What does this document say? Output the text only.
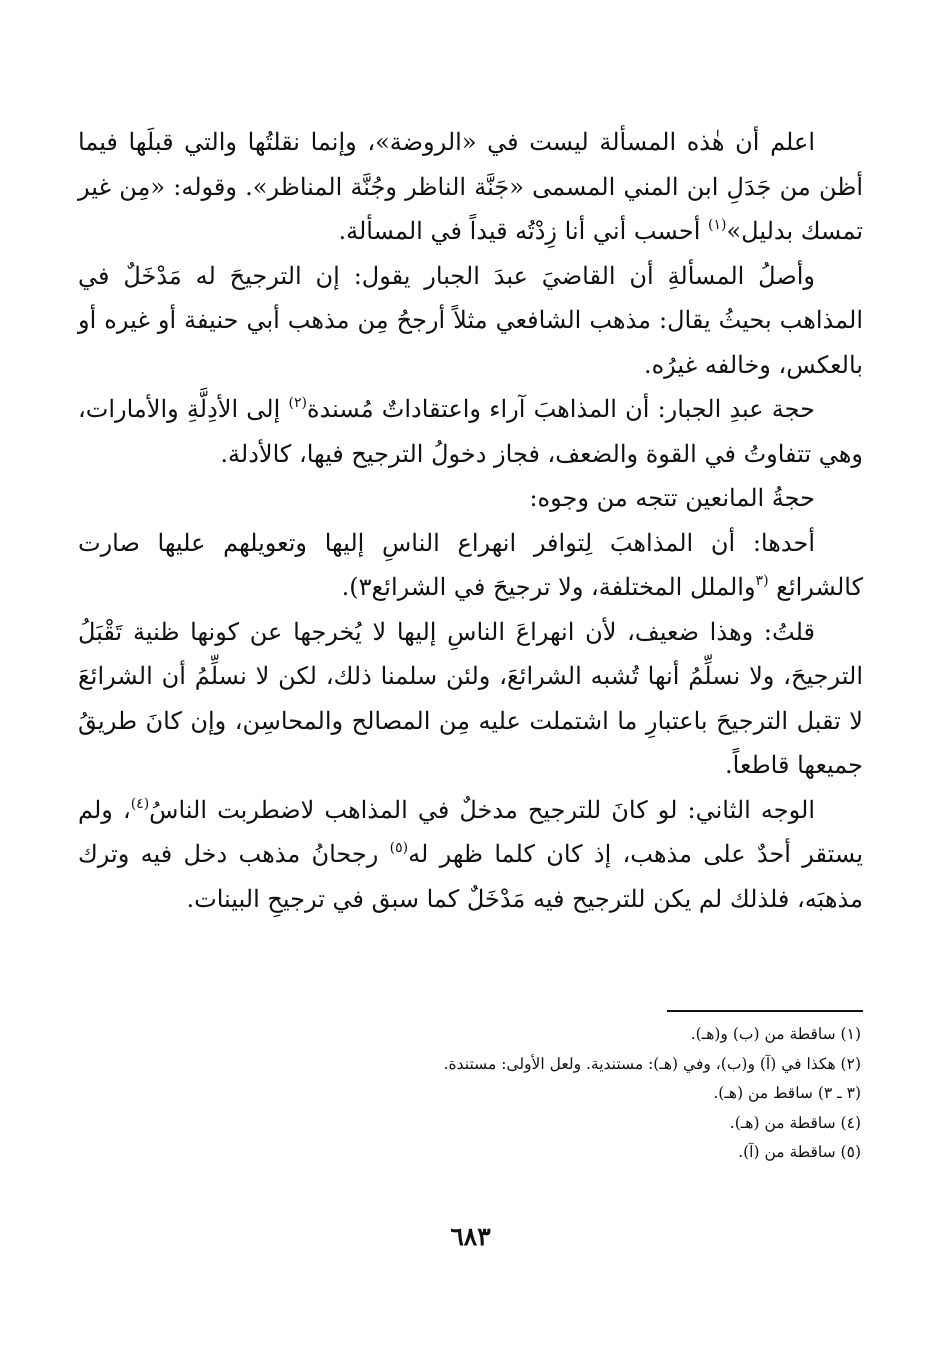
اعلم أن هٰذه المسألة ليست في «الروضة»، وإنما نقلتُها والتي قبلَها فيما أظن من جَدَلِ ابن المني المسمى «جَنَّة الناظر وجُنَّة المناظر». وقوله: «مِن غير تمسك بدليل»$^{(١)}$ أحسب أني أنا زِدْتُه قيداً في المسألة.

وأصلُ المسألةِ أن القاضيَ عبدَ الجبار يقول: إن الترجيحَ له مَدْخَلٌ في المذاهب بحيثُ يقال: مذهب الشافعي مثلاً أرجحُ مِن مذهب أبي حنيفة أو غيره أو بالعكس، وخالفه غيرُه.

حجة عبدِ الجبار: أن المذاهبَ آراء واعتقاداتٌ مُسندة$^{(٢)}$ إلى الأدِلَّةِ والأمارات، وهي تتفاوتُ في القوة والضعف، فجاز دخولُ الترجيح فيها، كالأدلة.

حجةُ المانعين تتجه من وجوه:

أحدها: أن المذاهبَ لِتوافر انهراع الناسِ إليها وتعويلهم عليها صارت كالشرائع $^{(٣}$والملل المختلفة، ولا ترجيحَ في الشرائع٣).

قلتُ: وهذا ضعيف، لأن انهراعَ الناسِ إليها لا يُخرجها عن كونها ظنية تَقْبَلُ الترجيحَ، ولا نسلِّمُ أنها تُشبه الشرائعَ، ولئن سلمنا ذلك، لكن لا نسلِّمُ أن الشرائعَ لا تقبل الترجيحَ باعتبارِ ما اشتملت عليه مِن المصالح والمحاسِن، وإن كانَ طريقُ جميعها قاطعاً.

الوجه الثاني: لو كانَ للترجيح مدخلٌ في المذاهب لاضطربت الناسُ$^{(٤)}$، ولم يستقر أحدٌ على مذهب، إذ كان كلما ظهر له$^{(٥)}$ رجحانُ مذهب دخل فيه وترك مذهبَه، فلذلك لم يكن للترجيح فيه مَدْخَلٌ كما سبق في ترجيحِ البينات.

(١) ساقطة من (ب) و(هـ).

(٢) هكذا في (آ) و(ب)، وفي (هـ): مستندية. ولعل الأولى: مستندة.

(٣ ـ ٣) ساقط من (هـ).

(٤) ساقطة من (هـ).

(٥) ساقطة من (آ).

٦٨٣
